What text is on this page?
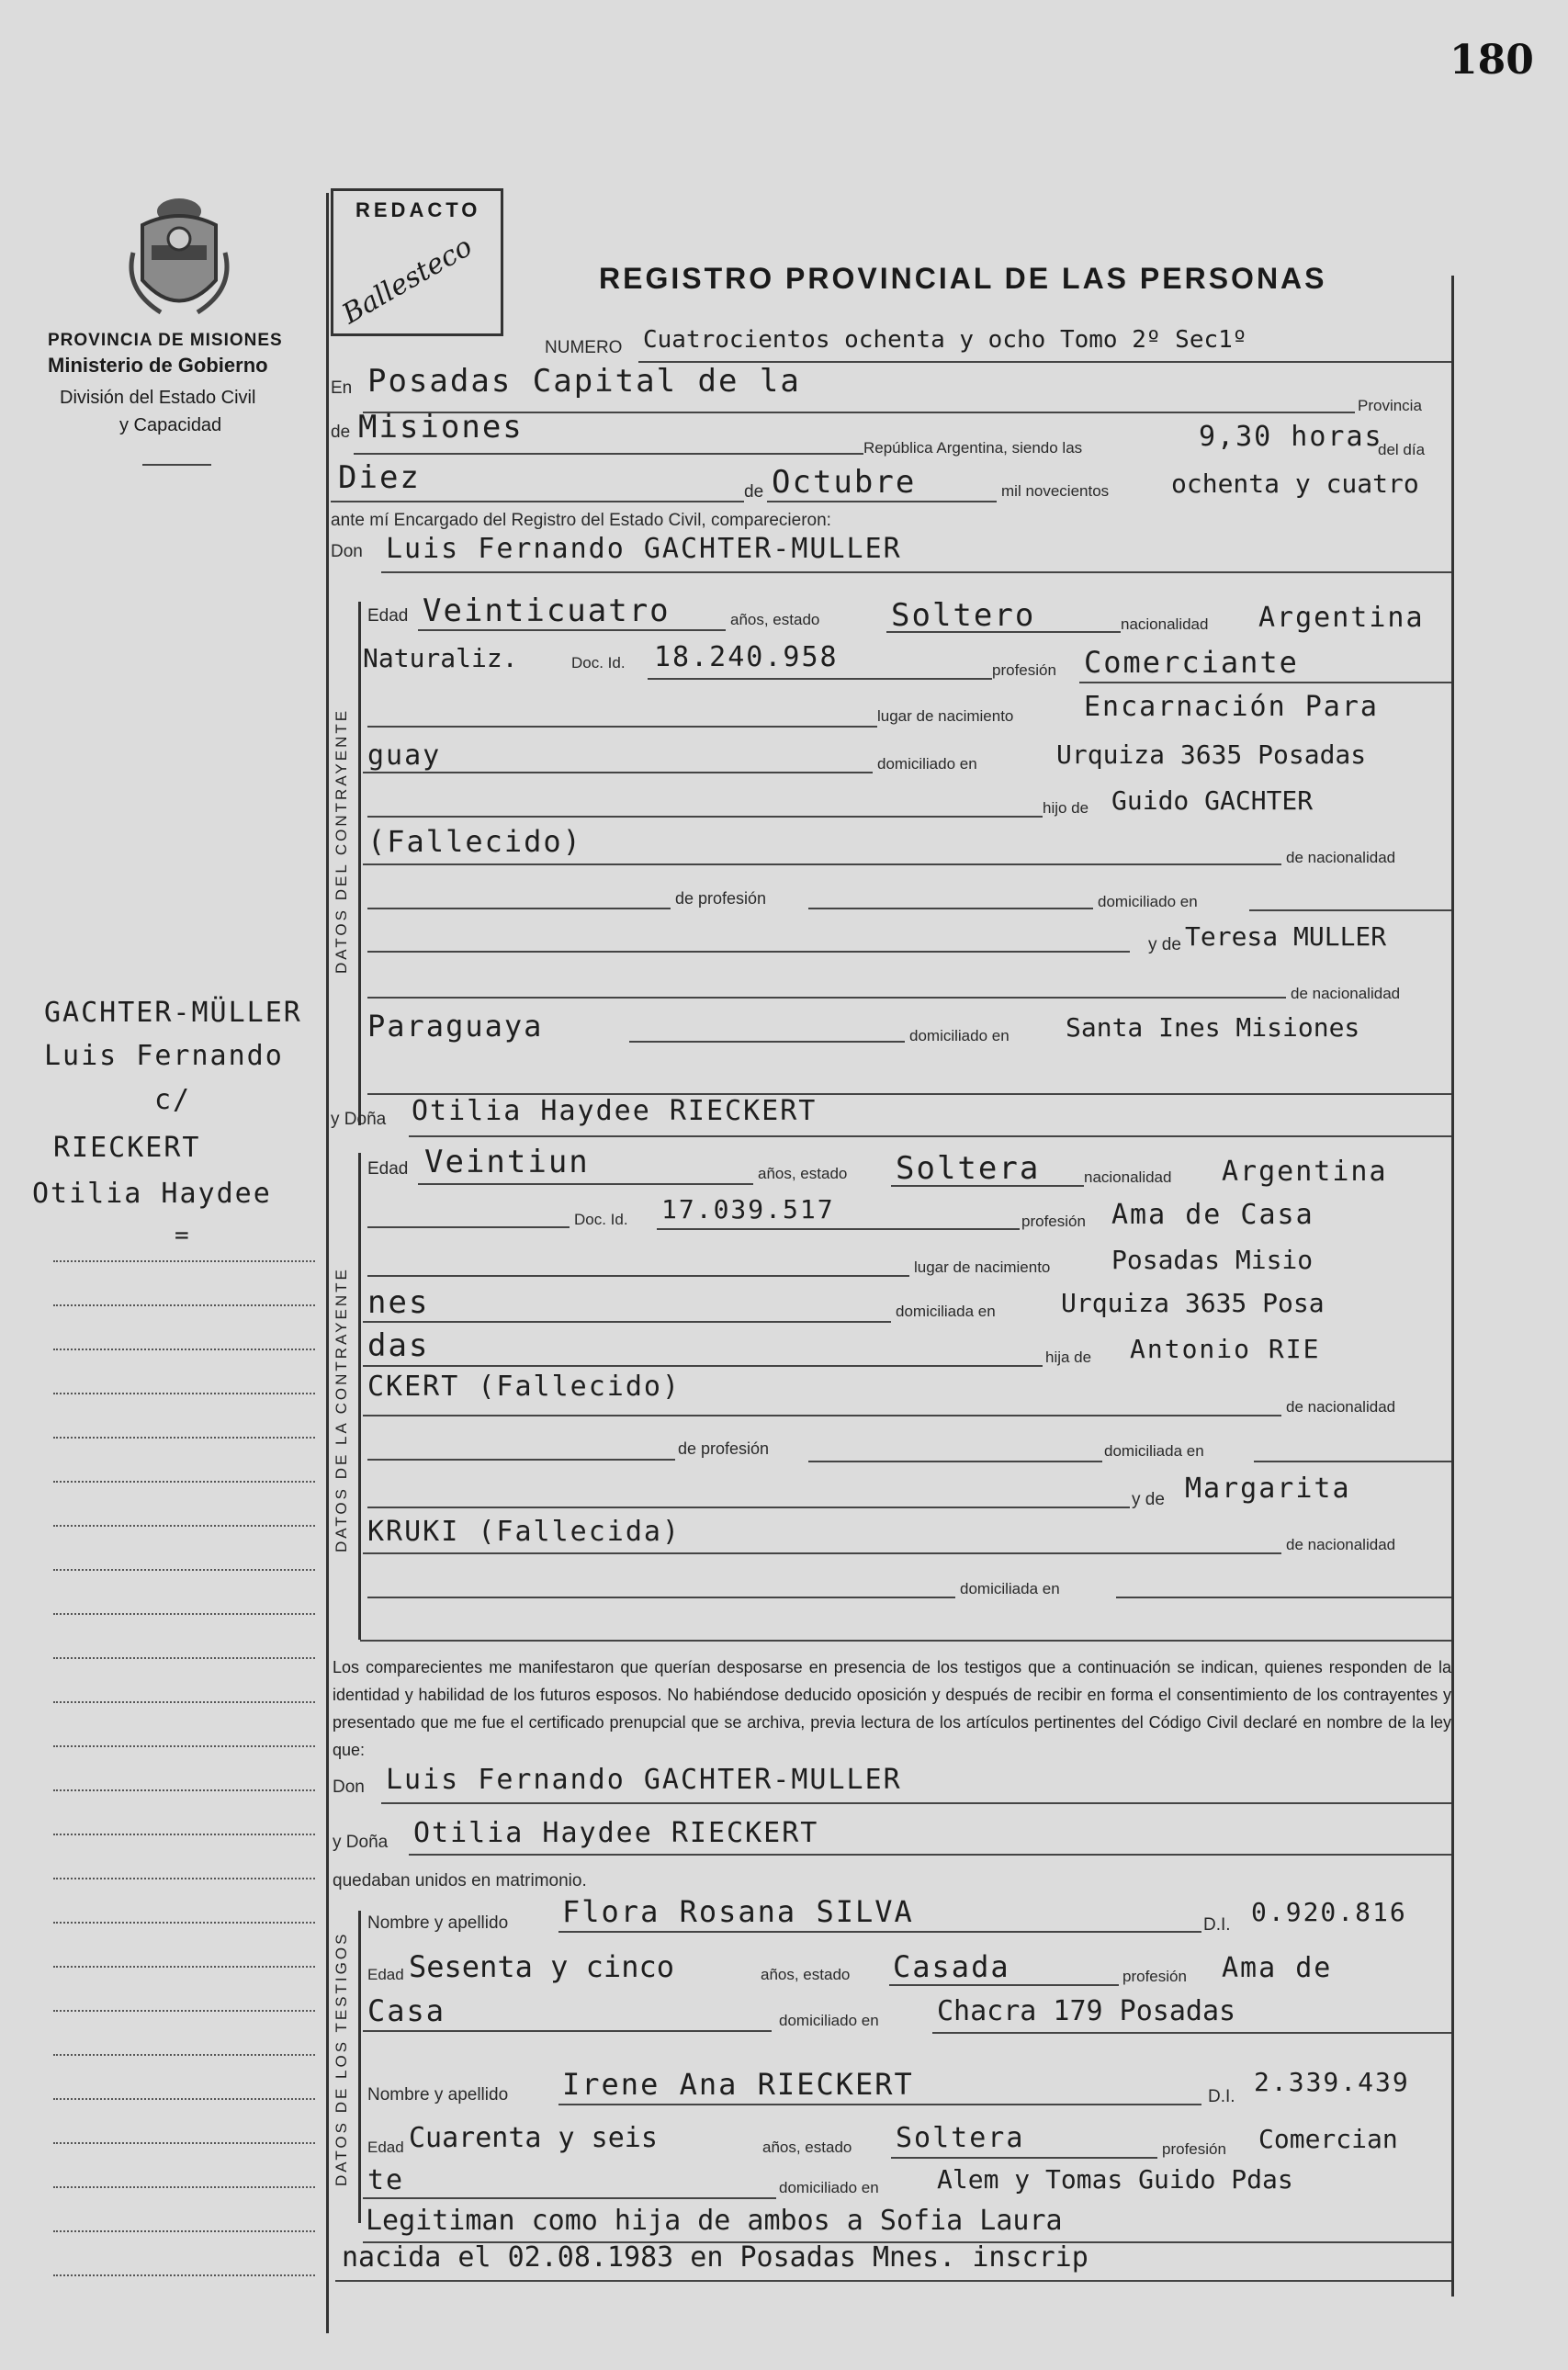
180
PROVINCIA DE MISIONES
Ministerio de Gobierno
División del Estado Civil
y Capacidad
REDACTO
Ballesteco	REGISTRO PROVINCIAL DE LAS PERSONAS
DATOS DEL CONTRAYENTE
DATOS DE LA CONTRAYENTE
DATOS DE LOS TESTIGOS
GACHTER-MÜLLER
Luis Fernando
c/
RIECKERT
Otilia Haydee
=
NUMERO Cuatrocientos ochenta y ocho Tomo 2º Sec1º
En Posadas Capital de la
Provincia
de Misiones
República Argentina, siendo las	9,30 horas
del día
Diez	de Octubre	mil novecientos ochenta y cuatro
ante mí Encargado del Registro del Estado Civil, comparecieron:
Don Luis Fernando GACHTER-MULLER
Edad Veinticuatro	años, estado Soltero	nacionalidad Argentina
Naturaliz.	Doc. Id. 18.240.958	profesión Comerciante
lugar de nacimiento	Encarnación Para
guay	domiciliado en	Urquiza 3635 Posadas
hijo de Guido GACHTER
(Fallecido)	de nacionalidad
de profesión	domiciliado en
y de Teresa MULLER
de nacionalidad
Paraguaya	domiciliado en Santa Ines Misiones
y Doña Otilia Haydee RIECKERT
Edad Veintiun	años, estado Soltera	nacionalidad Argentina
Doc. Id. 17.039.517	profesión Ama de Casa
lugar de nacimiento Posadas Misio
nes	domiciliada en	Urquiza 3635 Posa
das	hija de Antonio RIE
CKERT (Fallecido)
de nacionalidad
de profesión	domiciliada en
y de Margarita
KRUKI (Fallecida)	de nacionalidad
domiciliada en
Los comparecientes me manifestaron que querían desposarse en presencia de los testigos que a continuación se indican, quienes responden de la identidad y habilidad de los futuros esposos. No habiéndose deducido oposición y después de recibir en forma el consentimiento de los contrayentes y presentado que me fue el certificado prenupcial que se archiva, previa lectura de los artículos pertinentes del Código Civil declaré en nombre de la ley que:
Don Luis Fernando GACHTER-MULLER
y Doña Otilia Haydee RIECKERT
quedaban unidos en matrimonio.
Nombre y apellido Flora Rosana SILVA	D.I. 0.920.816
Edad Sesenta y cinco	años, estado Casada	profesión Ama de
Casa	domiciliado en Chacra 179 Posadas
Nombre y apellido Irene Ana RIECKERT	D.I. 2.339.439
Edad Cuarenta y seis	años, estado Soltera	profesión Comercian
te	domiciliado en Alem y Tomas Guido Pdas
Legitiman como hija de ambos a Sofia Laura
nacida el 02.08.1983 en Posadas Mnes. inscrip
